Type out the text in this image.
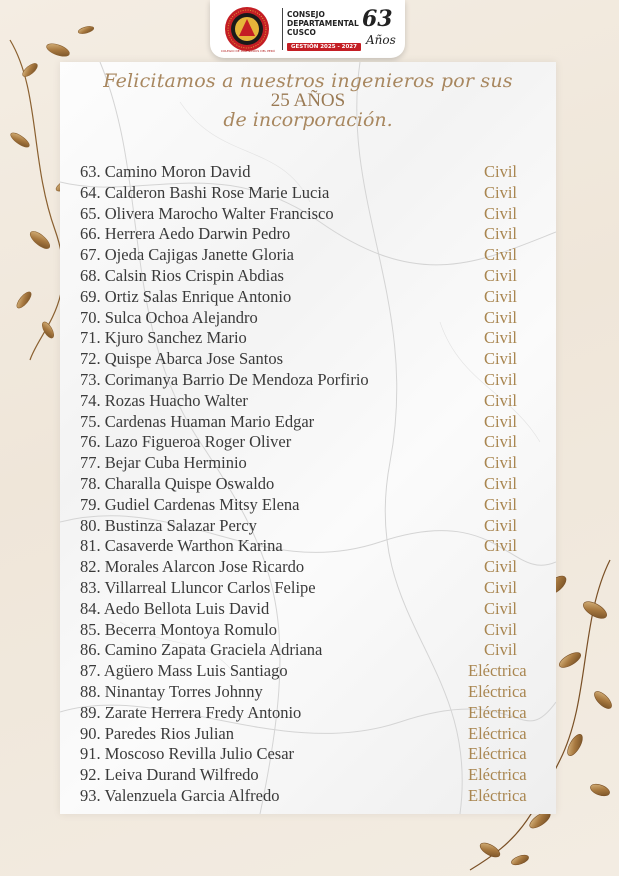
COLEGIO DE INGENIEROS DEL PERÚ
CONSEJO DEPARTAMENTAL CUSCO
GESTIÓN 2025 - 2027
63
Años
Felicitamos a nuestros ingenieros por sus
25 AÑOS
de incorporación.
63. Camino Moron David	Civil
64. Calderon Bashi Rose Marie Lucia	Civil
65. Olivera Marocho Walter Francisco	Civil
66. Herrera Aedo Darwin Pedro	Civil
67. Ojeda Cajigas Janette Gloria	Civil
68. Calsin Rios Crispin Abdias	Civil
69. Ortiz Salas Enrique Antonio	Civil
70. Sulca Ochoa Alejandro	Civil
71. Kjuro Sanchez Mario	Civil
72. Quispe Abarca Jose Santos	Civil
73. Corimanya Barrio De Mendoza Porfirio	Civil
74. Rozas Huacho Walter	Civil
75. Cardenas Huaman Mario Edgar	Civil
76. Lazo Figueroa Roger Oliver	Civil
77. Bejar Cuba Herminio	Civil
78. Charalla Quispe Oswaldo	Civil
79. Gudiel Cardenas Mitsy Elena	Civil
80. Bustinza Salazar Percy	Civil
81. Casaverde Warthon Karina	Civil
82. Morales Alarcon Jose Ricardo	Civil
83. Villarreal Lluncor Carlos Felipe	Civil
84. Aedo Bellota Luis David	Civil
85. Becerra Montoya Romulo	Civil
86. Camino Zapata Graciela Adriana	Civil
87. Agüero Mass Luis Santiago	Eléctrica
88. Ninantay Torres Johnny	Eléctrica
89. Zarate Herrera Fredy Antonio	Eléctrica
90. Paredes Rios Julian	Eléctrica
91. Moscoso Revilla Julio Cesar	Eléctrica
92. Leiva Durand Wilfredo	Eléctrica
93. Valenzuela Garcia Alfredo	Eléctrica
